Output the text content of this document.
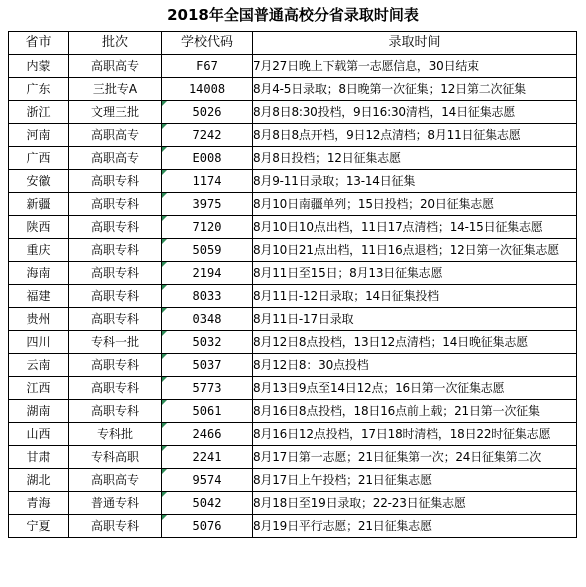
2018年全国普通高校分省录取时间表
省市	批次	学校代码	录取时间
内蒙	高职高专	F67	7月27日晚上下载第一志愿信息，30日结束
广东	三批专A	14008	8月4-5日录取；8日晚第一次征集；12日第二次征集
浙江	文理三批	5026	8月8日8:30投档，9日16:30清档，14日征集志愿
河南	高职高专	7242	8月8日8点开档，9日12点清档；8月11日征集志愿
广西	高职高专	E008	8月8日投档；12日征集志愿
安徽	高职专科	1174	8月9-11日录取；13-14日征集
新疆	高职专科	3975	8月10日南疆单列；15日投档；20日征集志愿
陕西	高职专科	7120	8月10日10点出档，11日17点清档；14-15日征集志愿
重庆	高职专科	5059	8月10日21点出档，11日16点退档；12日第一次征集志愿
海南	高职专科	2194	8月11日至15日；8月13日征集志愿
福建	高职专科	8033	8月11日-12日录取；14日征集投档
贵州	高职专科	0348	8月11日-17日录取
四川	专科一批	5032	8月12日8点投档，13日12点清档；14日晚征集志愿
云南	高职专科	5037	8月12日8：30点投档
江西	高职专科	5773	8月13日9点至14日12点；16日第一次征集志愿
湖南	高职专科	5061	8月16日8点投档，18日16点前上载；21日第一次征集
山西	专科批	2466	8月16日12点投档，17日18时清档，18日22时征集志愿
甘肃	专科高职	2241	8月17日第一志愿；21日征集第一次；24日征集第二次
湖北	高职高专	9574	8月17日上午投档；21日征集志愿
青海	普通专科	5042	8月18日至19日录取；22-23日征集志愿
宁夏	高职专科	5076	8月19日平行志愿；21日征集志愿
